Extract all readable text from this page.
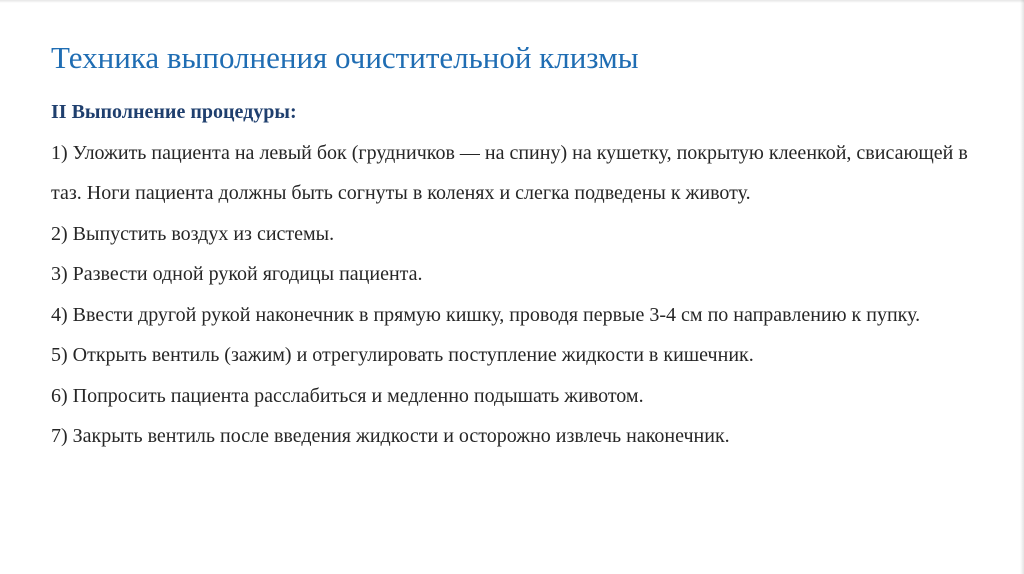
Техника выполнения очистительной клизмы

II Выполнение процедуры:

1) Уложить пациента на левый бок (грудничков — на спину) на кушетку, покрытую клеенкой, свисающей в таз. Ноги пациента должны быть согнуты в коленях и слегка подведены к животу.
2) Выпустить воздух из системы.
3) Развести одной рукой ягодицы пациента.
4) Ввести другой рукой наконечник в прямую кишку, проводя первые 3-4 см по направлению к пупку.
5) Открыть вентиль (зажим) и отрегулировать поступление жидкости в кишечник.
6) Попросить пациента расслабиться и медленно подышать животом.
7) Закрыть вентиль после введения жидкости и осторожно извлечь наконечник.
